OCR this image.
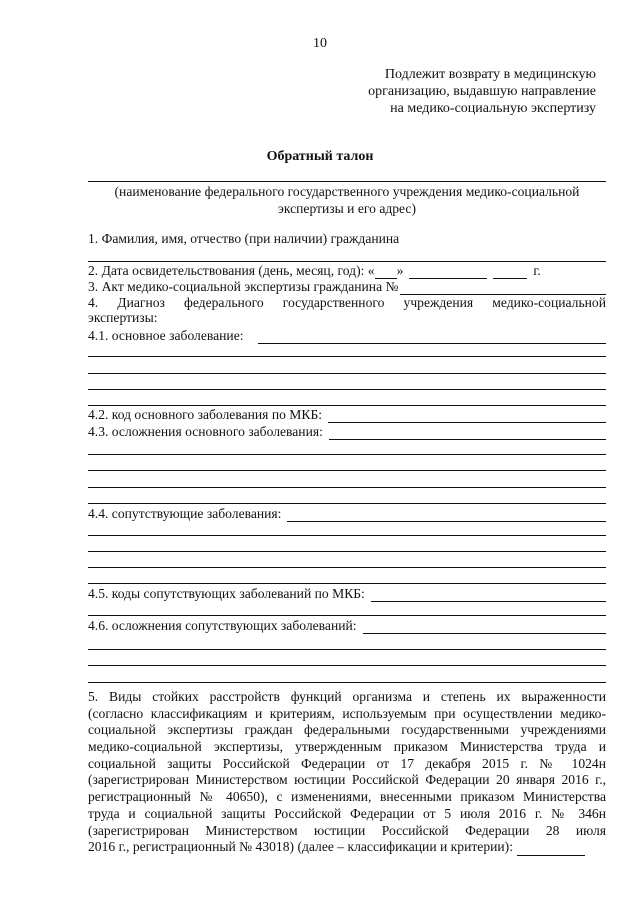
10
Подлежит возврату в медицинскую
организацию, выдавшую направление
на медико-социальную экспертизу
Обратный талон
(наименование федерального государственного учреждения медико-социальной
экспертизы и его адрес)
1. Фамилия, имя, отчество (при наличии) гражданина
2. Дата освидетельствования (день, месяц, год): « »	г.
3. Акт медико-социальной экспертизы гражданина №
4. Диагноз федерального государственного учреждения медико-социальной
экспертизы:
4.1. основное заболевание:
4.2. код основного заболевания по МКБ:
4.3. осложнения основного заболевания:
4.4. сопутствующие заболевания:
4.5. коды сопутствующих заболеваний по МКБ:
4.6. осложнения сопутствующих заболеваний:
5. Виды стойких расстройств функций организма и степень их выраженности
(согласно классификациям и критериям, используемым при осуществлении медико-
социальной экспертизы граждан федеральными государственными учреждениями
медико-социальной экспертизы, утвержденным приказом Министерства труда и
социальной защиты Российской Федерации от 17 декабря 2015 г. № 1024н
(зарегистрирован Министерством юстиции Российской Федерации 20 января 2016 г.,
регистрационный № 40650), с изменениями, внесенными приказом Министерства
труда и социальной защиты Российской Федерации от 5 июля 2016 г. № 346н
(зарегистрирован Министерством юстиции Российской Федерации 28 июля
2016 г., регистрационный № 43018) (далее – классификации и критерии):
